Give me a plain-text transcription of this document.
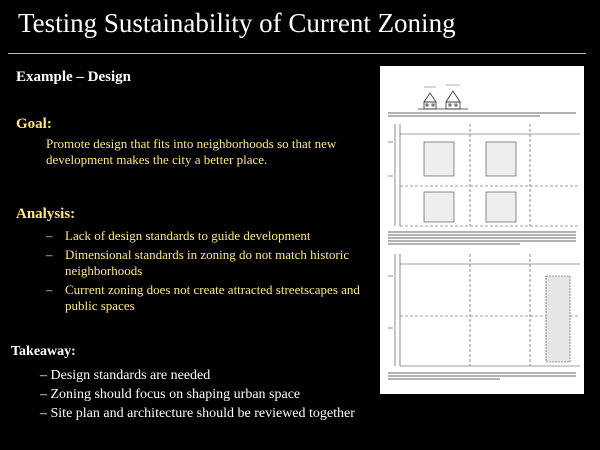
Testing Sustainability of Current Zoning
Example – Design
Goal:
Promote design that fits into neighborhoods so that new development makes the city a better place.
Analysis:
– Lack of design standards to guide development
– Dimensional standards in zoning do not match historic neighborhoods
– Current zoning does not create attracted streetscapes and public spaces
Takeaway:
– Design standards are needed
– Zoning should focus on shaping urban space
– Site plan and architecture should be reviewed together
